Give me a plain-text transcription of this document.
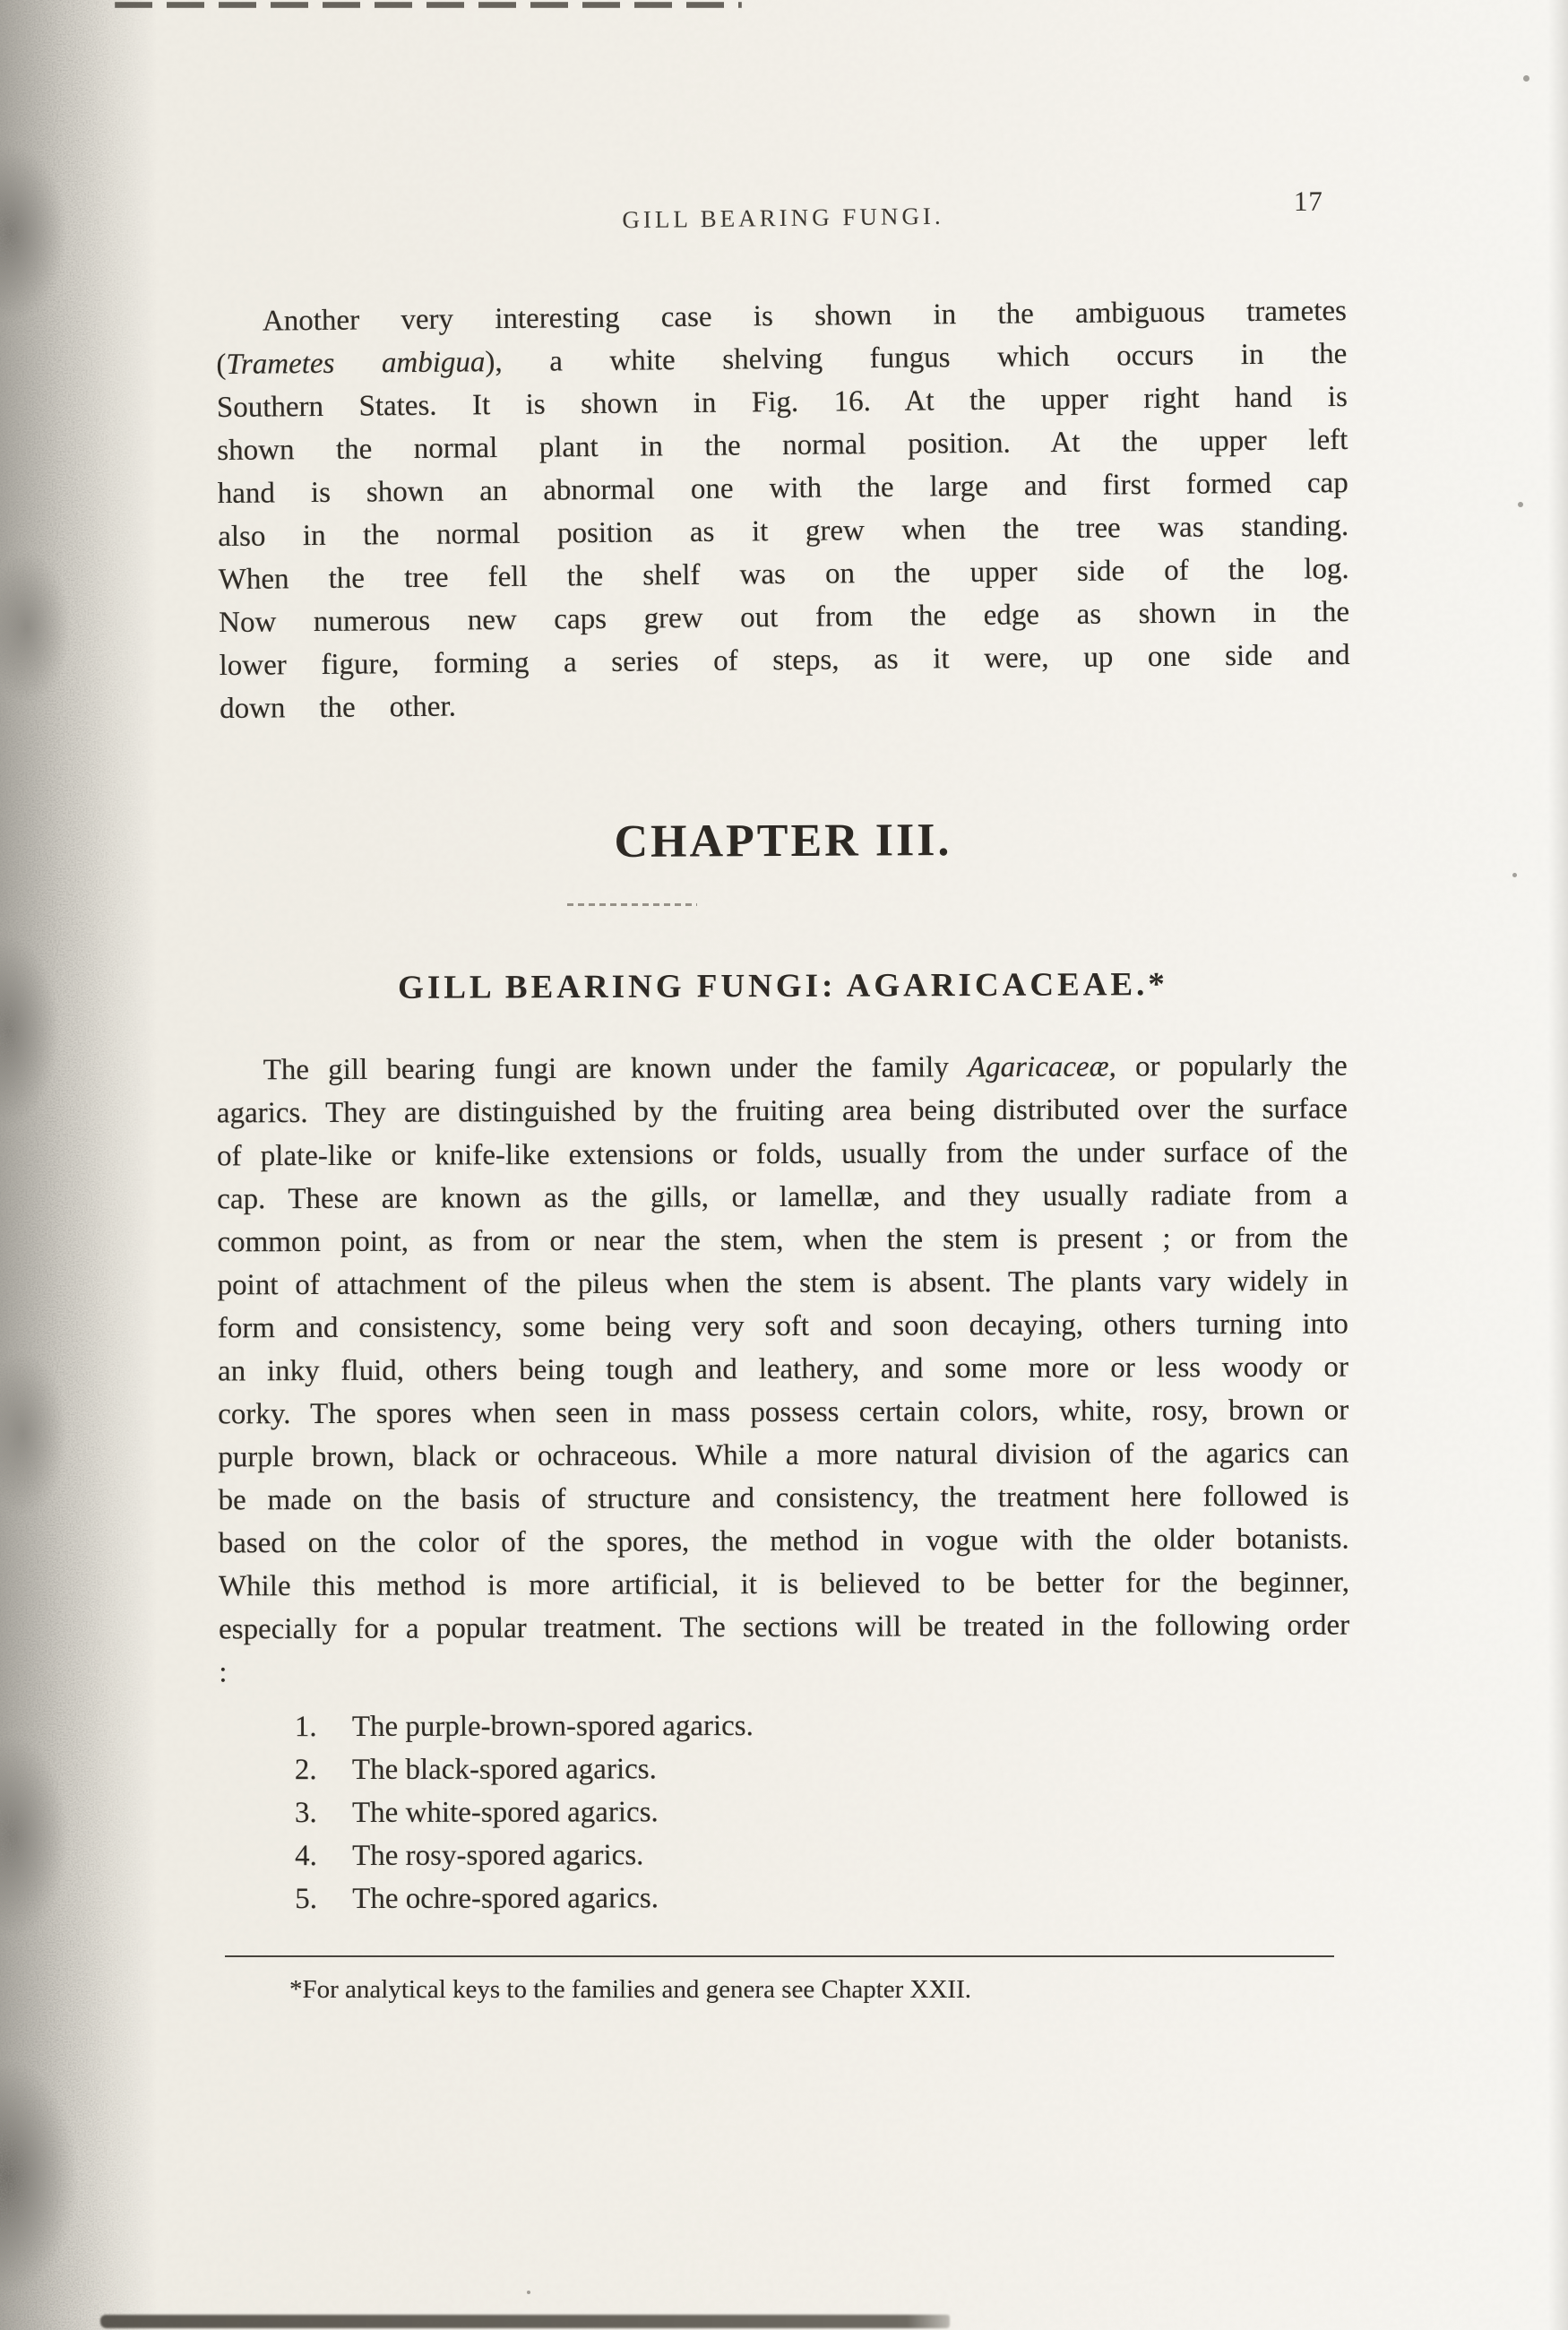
GILL BEARING FUNGI.
17

Another very interesting case is shown in the ambiguous trametes (Trametes ambigua), a white shelving fungus which occurs in the Southern States. It is shown in Fig. 16. At the upper right hand is shown the normal plant in the normal position. At the upper left hand is shown an abnormal one with the large and first formed cap also in the normal position as it grew when the tree was standing. When the tree fell the shelf was on the upper side of the log. Now numerous new caps grew out from the edge as shown in the lower figure, forming a series of steps, as it were, up one side and down the other.

CHAPTER III.
GILL BEARING FUNGI: AGARICACEAE.*

The gill bearing fungi are known under the family Agaricaceæ, or popularly the agarics. They are distinguished by the fruiting area being distributed over the surface of plate-like or knife-like extensions or folds, usually from the under surface of the cap. These are known as the gills, or lamellæ, and they usually radiate from a common point, as from or near the stem, when the stem is present ; or from the point of attachment of the pileus when the stem is absent. The plants vary widely in form and consistency, some being very soft and soon decaying, others turning into an inky fluid, others being tough and leathery, and some more or less woody or corky. The spores when seen in mass possess certain colors, white, rosy, brown or purple brown, black or ochraceous. While a more natural division of the agarics can be made on the basis of structure and consistency, the treatment here followed is based on the color of the spores, the method in vogue with the older botanists. While this method is more artificial, it is believed to be better for the beginner, especially for a popular treatment. The sections will be treated in the following order :

1. The purple-brown-spored agarics.
2. The black-spored agarics.
3. The white-spored agarics.
4. The rosy-spored agarics.
5. The ochre-spored agarics.

*For analytical keys to the families and genera see Chapter XXII.
